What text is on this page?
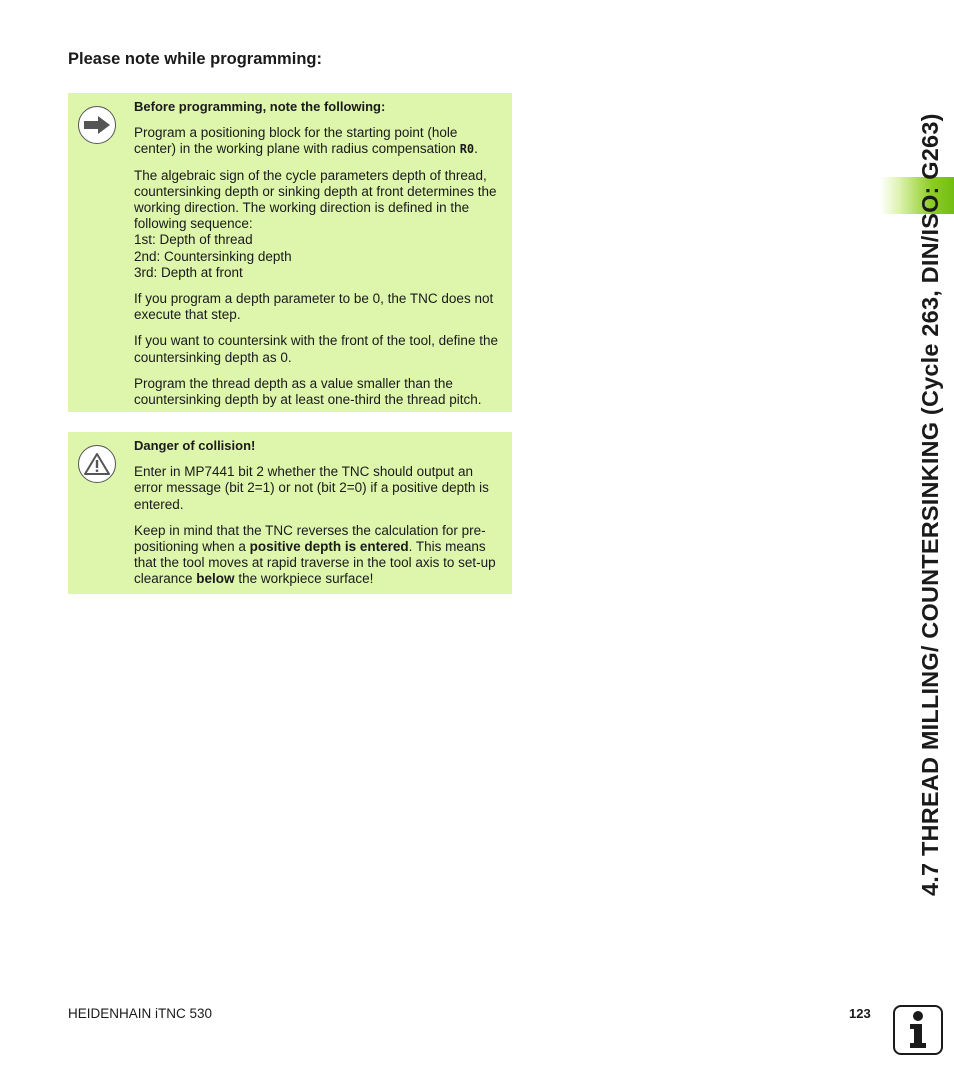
Please note while programming:

Before programming, note the following:

Program a positioning block for the starting point (hole center) in the working plane with radius compensation R0.

The algebraic sign of the cycle parameters depth of thread, countersinking depth or sinking depth at front determines the working direction. The working direction is defined in the following sequence:
1st: Depth of thread
2nd: Countersinking depth
3rd: Depth at front

If you program a depth parameter to be 0, the TNC does not execute that step.

If you want to countersink with the front of the tool, define the countersinking depth as 0.

Program the thread depth as a value smaller than the countersinking depth by at least one-third the thread pitch.

Danger of collision!

Enter in MP7441 bit 2 whether the TNC should output an error message (bit 2=1) or not (bit 2=0) if a positive depth is entered.

Keep in mind that the TNC reverses the calculation for pre-positioning when a positive depth is entered. This means that the tool moves at rapid traverse in the tool axis to set-up clearance below the workpiece surface!	4.7 THREAD MILLING/ COUNTERSINKING (Cycle 263, DIN/ISO: G263)
HEIDENHAIN iTNC 530	123
